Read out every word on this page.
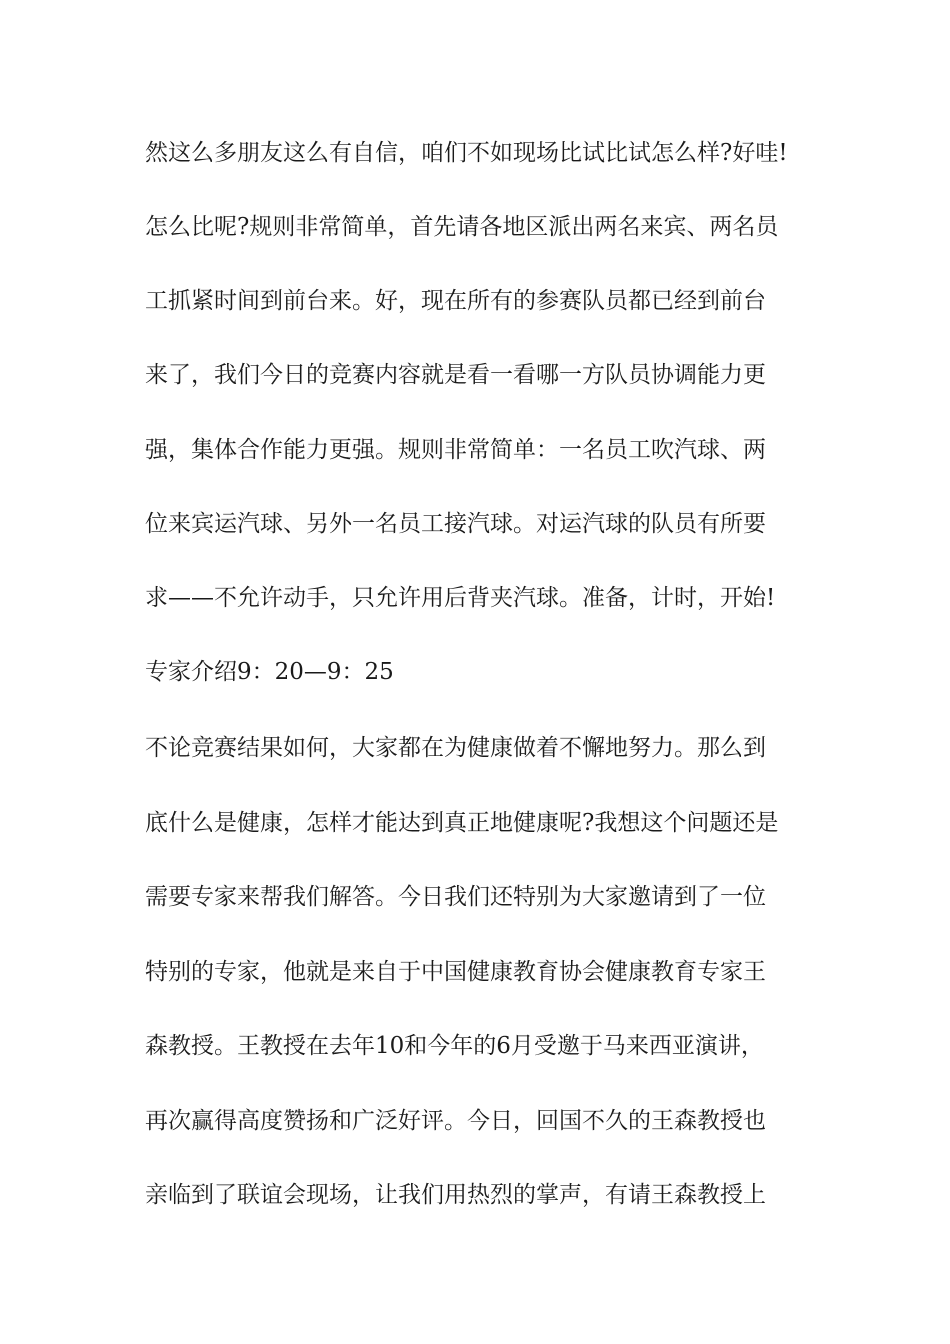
然这么多朋友这么有自信，咱们不如现场比试比试怎么样?好哇!

怎么比呢?规则非常简单，首先请各地区派出两名来宾、两名员

工抓紧时间到前台来。好，现在所有的参赛队员都已经到前台

来了，我们今日的竞赛内容就是看一看哪一方队员协调能力更

强，集体合作能力更强。规则非常简单：一名员工吹汽球、两

位来宾运汽球、另外一名员工接汽球。对运汽球的队员有所要

求——不允许动手，只允许用后背夹汽球。准备，计时，开始!

专家介绍9：20—9：25

不论竞赛结果如何，大家都在为健康做着不懈地努力。那么到

底什么是健康，怎样才能达到真正地健康呢?我想这个问题还是

需要专家来帮我们解答。今日我们还特别为大家邀请到了一位

特别的专家，他就是来自于中国健康教育协会健康教育专家王

森教授。王教授在去年10和今年的6月受邀于马来西亚演讲，

再次赢得高度赞扬和广泛好评。今日，回国不久的王森教授也

亲临到了联谊会现场，让我们用热烈的掌声，有请王森教授上
